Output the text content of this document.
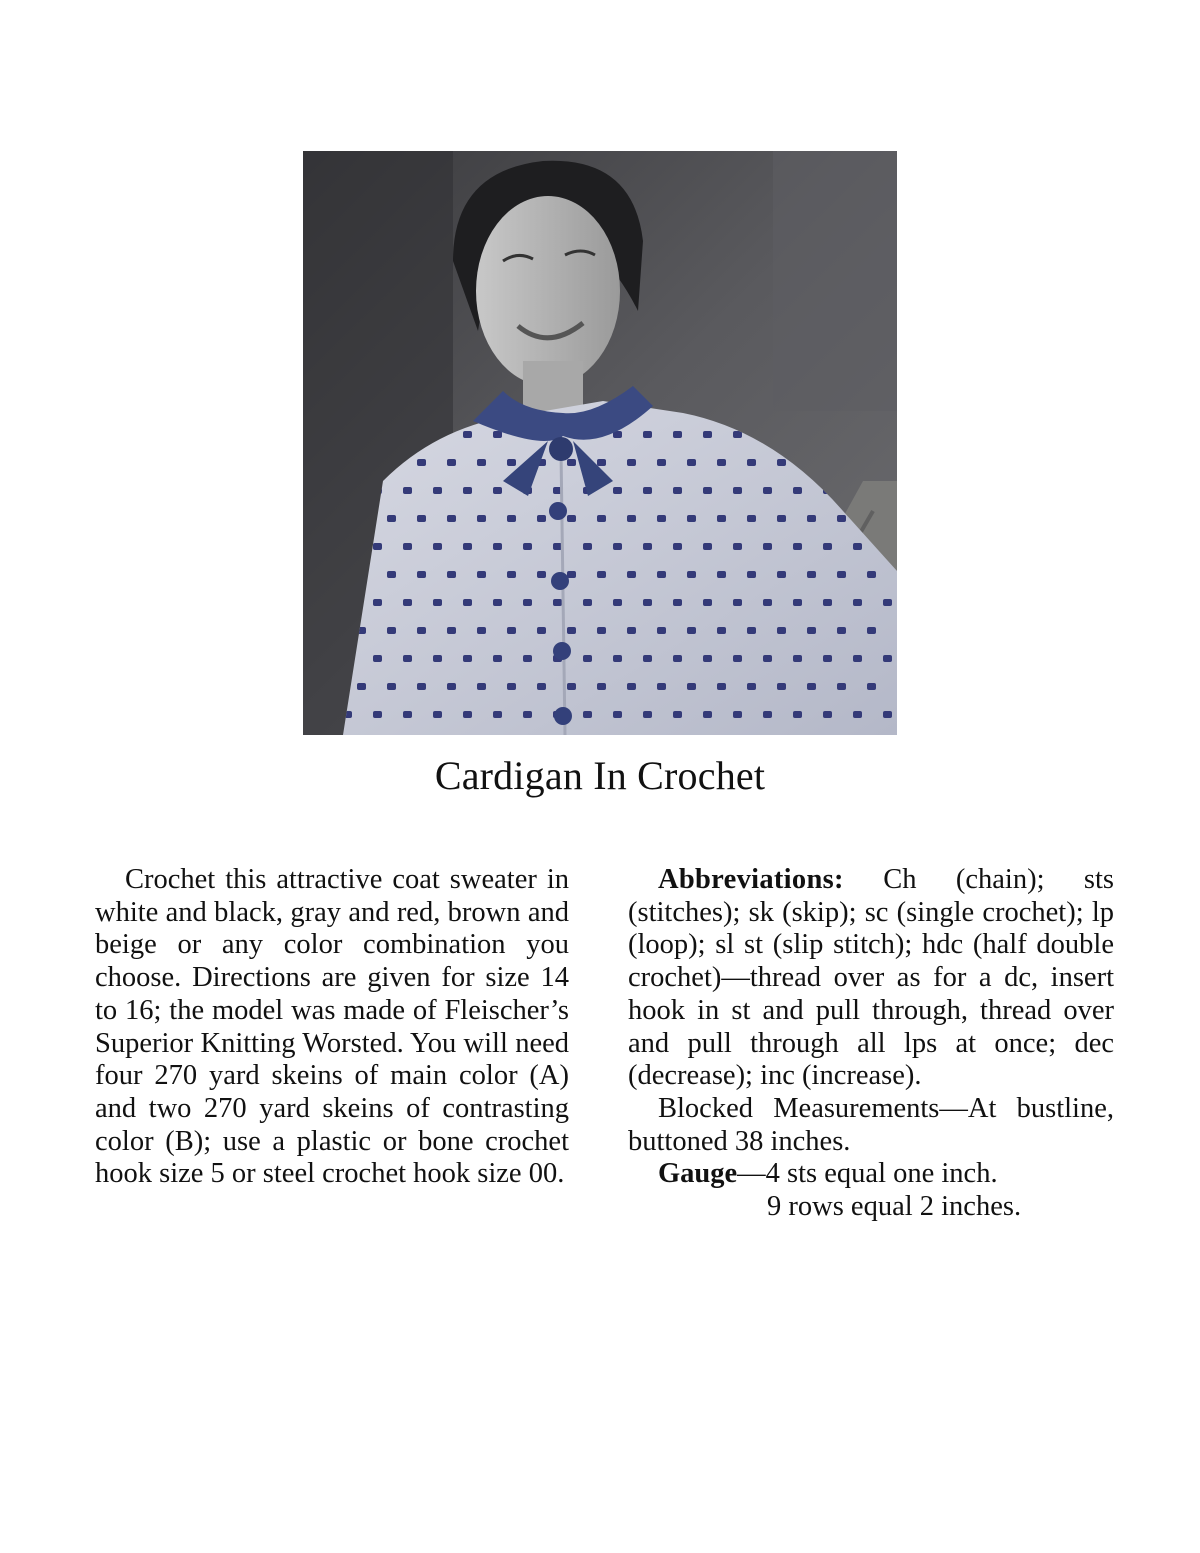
Cardigan In Crochet

Crochet this attractive coat sweater in white and black, gray and red, brown and beige or any color combination you choose. Directions are given for size 14 to 16; the model was made of Fleischer’s Superior Knitting Worsted. You will need four 270 yard skeins of main color (A) and two 270 yard skeins of contrasting color (B); use a plastic or bone crochet hook size 5 or steel crochet hook size 00.

Abbreviations: Ch (chain); sts (stitches); sk (skip); sc (single crochet); lp (loop); sl st (slip stitch); hdc (half double crochet)—thread over as for a dc, insert hook in st and pull through, thread over and pull through all lps at once; dec (decrease); inc (increase).

Blocked Measurements—At bustline, buttoned 38 inches.

Gauge—4 sts equal one inch.

9 rows equal 2 inches.
